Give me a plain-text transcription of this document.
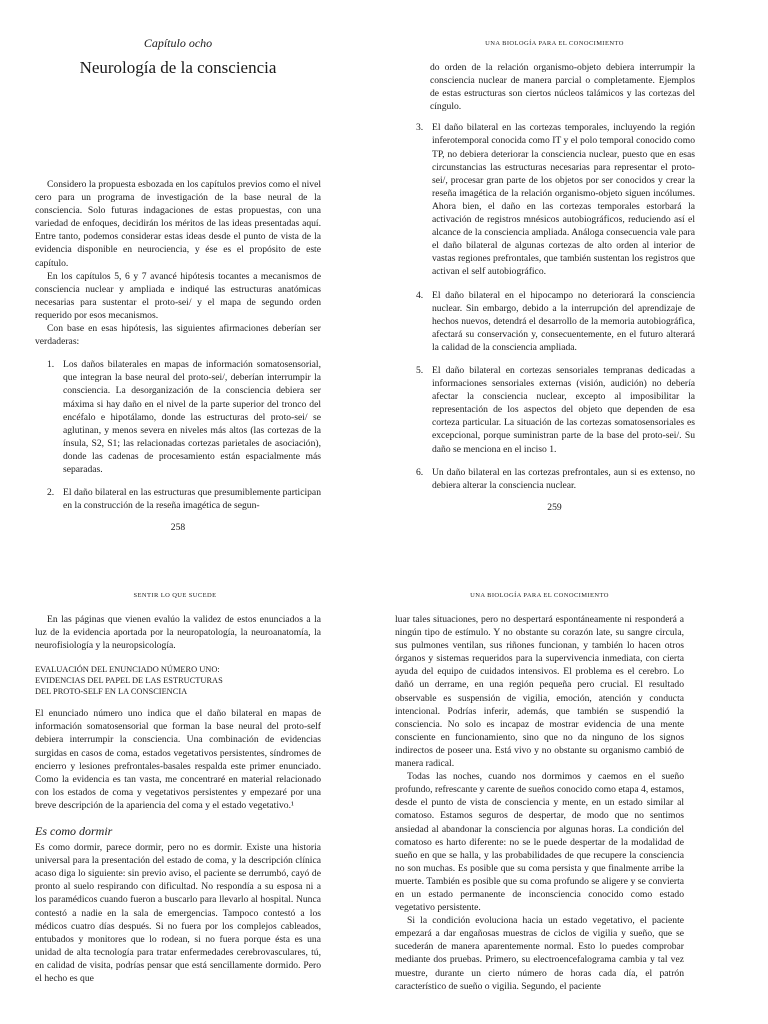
Capítulo ocho
Neurología de la consciencia

Considero la propuesta esbozada en los capítulos previos como el nivel cero para un programa de investigación de la base neural de la consciencia. Solo futuras indagaciones de estas propuestas, con una variedad de enfoques, decidirán los méritos de las ideas presentadas aquí. Entre tanto, podemos considerar estas ideas desde el punto de vista de la evidencia disponible en neurociencia, y ése es el propósito de este capítulo.

En los capítulos 5, 6 y 7 avancé hipótesis tocantes a mecanismos de consciencia nuclear y ampliada e indiqué las estructuras anatómicas necesarias para sustentar el proto-sei/ y el mapa de segundo orden requerido por esos mecanismos.

Con base en esas hipótesis, las siguientes afirmaciones deberían ser verdaderas:

1. Los daños bilaterales en mapas de información somatosensorial, que integran la base neural del proto-sei/, deberían interrumpir la consciencia. La desorganización de la consciencia debiera ser máxima si hay daño en el nivel de la parte superior del tronco del encéfalo e hipotálamo, donde las estructuras del proto-sei/ se aglutinan, y menos severa en niveles más altos (las cortezas de la ínsula, S2, S1; las relacionadas cortezas parietales de asociación), donde las cadenas de procesamiento están espacialmente más separadas.

2. El daño bilateral en las estructuras que presumiblemente participan en la construcción de la reseña imagética de segun-

258
UNA BIOLOGÍA PARA EL CONOCIMIENTO

do orden de la relación organismo-objeto debiera interrumpir la consciencia nuclear de manera parcial o completamente. Ejemplos de estas estructuras son ciertos núcleos talámicos y las cortezas del cíngulo.

3. El daño bilateral en las cortezas temporales, incluyendo la región inferotemporal conocida como IT y el polo temporal conocido como TP, no debiera deteriorar la consciencia nuclear, puesto que en esas circunstancias las estructuras necesarias para representar el proto-sei/, procesar gran parte de los objetos por ser conocidos y crear la reseña imagética de la relación organismo-objeto siguen incólumes. Ahora bien, el daño en las cortezas temporales estorbará la activación de registros mnésicos autobiográficos, reduciendo así el alcance de la consciencia ampliada. Análoga consecuencia vale para el daño bilateral de algunas cortezas de alto orden al interior de vastas regiones prefrontales, que también sustentan los registros que activan el self autobiográfico.

4. El daño bilateral en el hipocampo no deteriorará la consciencia nuclear. Sin embargo, debido a la interrupción del aprendizaje de hechos nuevos, detendrá el desarrollo de la memoria autobiográfica, afectará su conservación y, consecuentemente, en el futuro alterará la calidad de la consciencia ampliada.

5. El daño bilateral en cortezas sensoriales tempranas dedicadas a informaciones sensoriales externas (visión, audición) no debería afectar la consciencia nuclear, excepto al imposibilitar la representación de los aspectos del objeto que dependen de esa corteza particular. La situación de las cortezas somatosensoriales es excepcional, porque suministran parte de la base del proto-sei/. Su daño se menciona en el inciso 1.

6. Un daño bilateral en las cortezas prefrontales, aun si es extenso, no debiera alterar la consciencia nuclear.

259
SENTIR LO QUE SUCEDE

En las páginas que vienen evalúo la validez de estos enunciados a la luz de la evidencia aportada por la neuropatología, la neuroanatomía, la neurofisiología y la neuropsicología.

EVALUACIÓN DEL ENUNCIADO NÚMERO UNO:

EVIDENCIAS DEL PAPEL DE LAS ESTRUCTURAS

DEL PROTO-SELF EN LA CONSCIENCIA

El enunciado número uno indica que el daño bilateral en mapas de información somatosensorial que forman la base neural del proto-self debiera interrumpir la consciencia. Una combinación de evidencias surgidas en casos de coma, estados vegetativos persistentes, síndromes de encierro y lesiones prefrontales-basales respalda este primer enunciado. Como la evidencia es tan vasta, me concentraré en material relacionado con los estados de coma y vegetativos persistentes y empezaré por una breve descripción de la apariencia del coma y el estado vegetativo.¹

Es como dormir

Es como dormir, parece dormir, pero no es dormir. Existe una historia universal para la presentación del estado de coma, y la descripción clínica acaso diga lo siguiente: sin previo aviso, el paciente se derrumbó, cayó de pronto al suelo respirando con dificultad. No respondía a su esposa ni a los paramédicos cuando fueron a buscarlo para llevarlo al hospital. Nunca contestó a nadie en la sala de emergencias. Tampoco contestó a los médicos cuatro días después. Si no fuera por los complejos cableados, entubados y monitores que lo rodean, si no fuera porque ésta es una unidad de alta tecnología para tratar enfermedades cerebrovasculares, tú, en calidad de visita, podrías pensar que está sencillamente dormido. Pero el hecho es que

UNA BIOLOGÍA PARA EL CONOCIMIENTO

luar tales situaciones, pero no despertará espontáneamente ni responderá a ningún tipo de estímulo. Y no obstante su corazón late, su sangre circula, sus pulmones ventilan, sus riñones funcionan, y también lo hacen otros órganos y sistemas requeridos para la supervivencia inmediata, con cierta ayuda del equipo de cuidados intensivos. El problema es el cerebro. Lo dañó un derrame, en una región pequeña pero crucial. El resultado observable es suspensión de vigilia, emoción, atención y conducta intencional. Podrías inferir, además, que también se suspendió la consciencia. No solo es incapaz de mostrar evidencia de una mente consciente en funcionamiento, sino que no da ninguno de los signos indirectos de poseer una. Está vivo y no obstante su organismo cambió de manera radical.

Todas las noches, cuando nos dormimos y caemos en el sueño profundo, refrescante y carente de sueños conocido como etapa 4, estamos, desde el punto de vista de consciencia y mente, en un estado similar al comatoso. Estamos seguros de despertar, de modo que no sentimos ansiedad al abandonar la consciencia por algunas horas. La condición del comatoso es harto diferente: no se le puede despertar de la modalidad de sueño en que se halla, y las probabilidades de que recupere la consciencia no son muchas. Es posible que su coma persista y que finalmente arribe la muerte. También es posible que su coma profundo se aligere y se convierta en un estado permanente de inconsciencia conocido como estado vegetativo persistente.

Si la condición evoluciona hacia un estado vegetativo, el paciente empezará a dar engañosas muestras de ciclos de vigilia y sueño, que se sucederán de manera aparentemente normal. Esto lo puedes comprobar mediante dos pruebas. Primero, su electroencefalograma cambia y tal vez muestre, durante un cierto número de horas cada día, el patrón característico de sueño o vigilia. Segundo, el paciente
